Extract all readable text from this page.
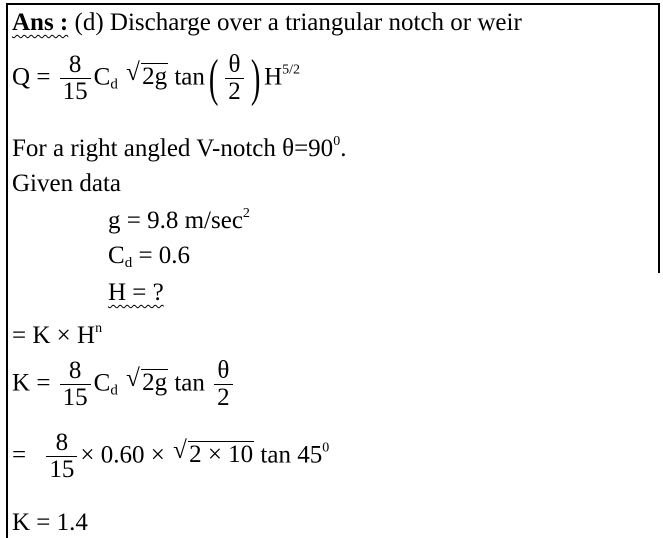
Ans : (d) Discharge over a triangular notch or weir
$Q = \frac{8}{15} C_d$ √ 2g $\tan( \frac{\theta}{2}$ ) $H^{5/2}$
For a right angled V-notch $\theta=90^0$.
Given data
g = 9.8 $m/\sec^2$
$C_d = 0.6$
H = ?
= $K \times H^n$
$K = \frac{8}{15} C_d$ √ 2g $\tan \frac{\theta}{2}$
= $\frac{8}{15} \times 0.60$ × √ 2 × 10 $\tan 45^0$
K = 1.4
